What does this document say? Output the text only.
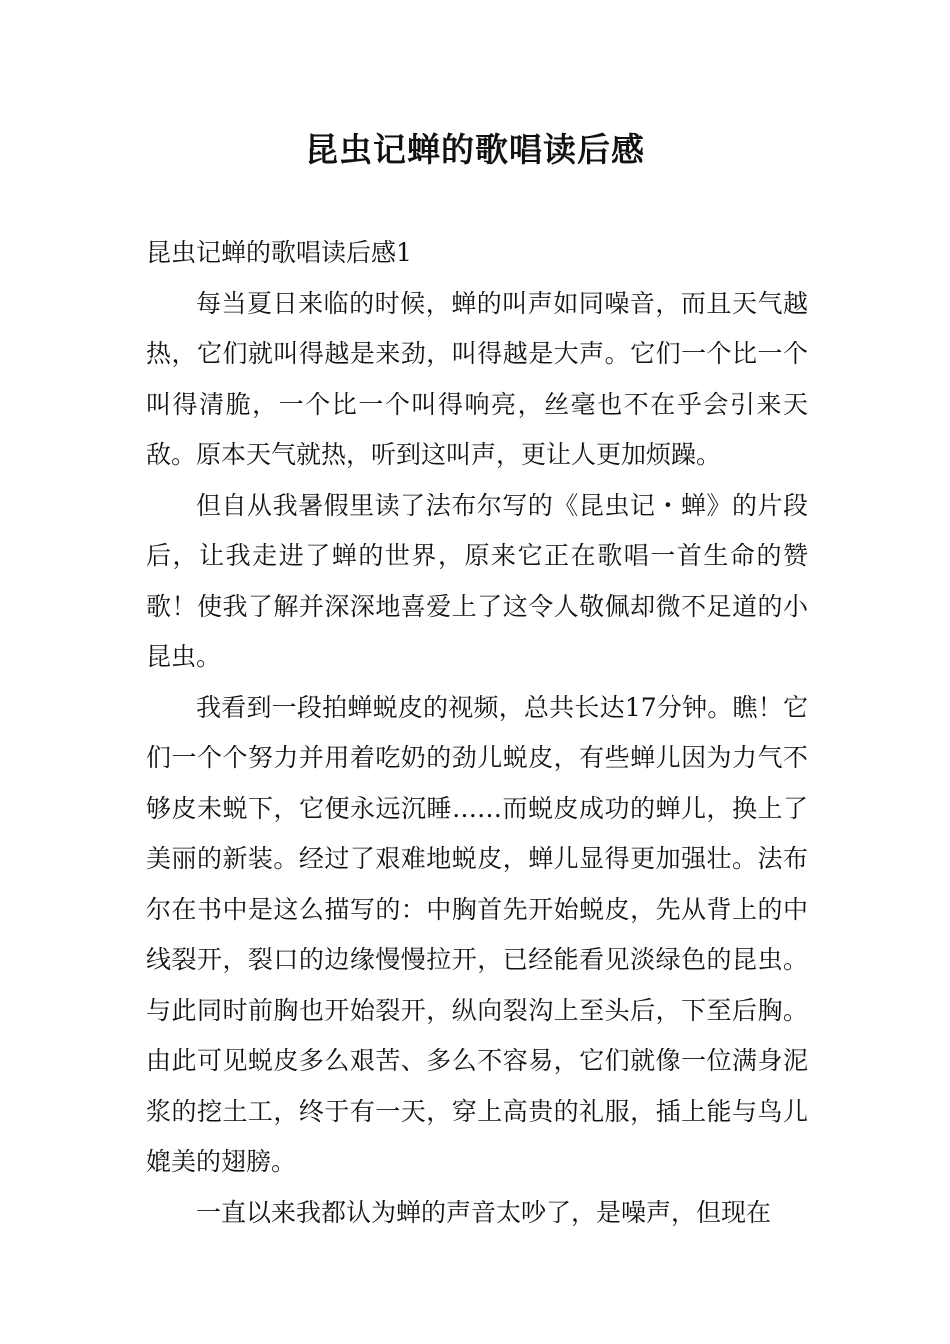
昆虫记蝉的歌唱读后感

昆虫记蝉的歌唱读后感1

每当夏日来临的时候，蝉的叫声如同噪音，而且天气越热，它们就叫得越是来劲，叫得越是大声。它们一个比一个叫得清脆，一个比一个叫得响亮，丝毫也不在乎会引来天敌。原本天气就热，听到这叫声，更让人更加烦躁。

但自从我暑假里读了法布尔写的《昆虫记・蝉》的片段后，让我走进了蝉的世界，原来它正在歌唱一首生命的赞歌！使我了解并深深地喜爱上了这令人敬佩却微不足道的小昆虫。

我看到一段拍蝉蜕皮的视频，总共长达17分钟。瞧！它们一个个努力并用着吃奶的劲儿蜕皮，有些蝉儿因为力气不够皮未蜕下，它便永远沉睡……而蜕皮成功的蝉儿，换上了美丽的新装。经过了艰难地蜕皮，蝉儿显得更加强壮。法布尔在书中是这么描写的：中胸首先开始蜕皮，先从背上的中线裂开，裂口的边缘慢慢拉开，已经能看见淡绿色的昆虫。与此同时前胸也开始裂开，纵向裂沟上至头后，下至后胸。由此可见蜕皮多么艰苦、多么不容易，它们就像一位满身泥浆的挖土工，终于有一天，穿上高贵的礼服，插上能与鸟儿媲美的翅膀。

一直以来我都认为蝉的声音太吵了，是噪声，但现在
